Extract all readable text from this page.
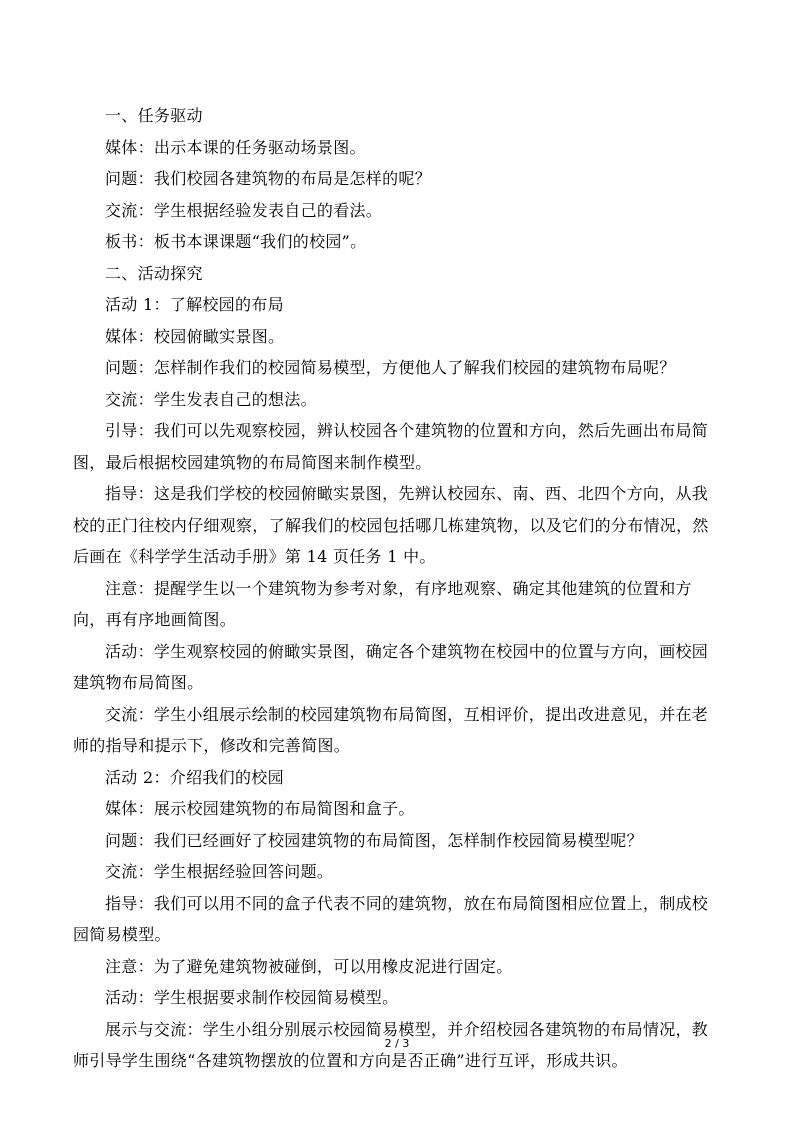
一、任务驱动

媒体：出示本课的任务驱动场景图。

问题：我们校园各建筑物的布局是怎样的呢？

交流：学生根据经验发表自己的看法。

板书：板书本课课题“我们的校园”。

二、活动探究

活动 1：了解校园的布局

媒体：校园俯瞰实景图。

问题：怎样制作我们的校园简易模型，方便他人了解我们校园的建筑物布局呢？

交流：学生发表自己的想法。

引导：我们可以先观察校园，辨认校园各个建筑物的位置和方向，然后先画出布局简图，最后根据校园建筑物的布局简图来制作模型。

指导：这是我们学校的校园俯瞰实景图，先辨认校园东、南、西、北四个方向，从我校的正门往校内仔细观察，了解我们的校园包括哪几栋建筑物，以及它们的分布情况，然后画在《科学学生活动手册》第 14 页任务 1 中。

注意：提醒学生以一个建筑物为参考对象，有序地观察、确定其他建筑的位置和方向，再有序地画简图。

活动：学生观察校园的俯瞰实景图，确定各个建筑物在校园中的位置与方向，画校园建筑物布局简图。

交流：学生小组展示绘制的校园建筑物布局简图，互相评价，提出改进意见，并在老师的指导和提示下，修改和完善简图。

活动 2：介绍我们的校园

媒体：展示校园建筑物的布局简图和盒子。

问题：我们已经画好了校园建筑物的布局简图，怎样制作校园简易模型呢？

交流：学生根据经验回答问题。

指导：我们可以用不同的盒子代表不同的建筑物，放在布局简图相应位置上，制成校园简易模型。

注意：为了避免建筑物被碰倒，可以用橡皮泥进行固定。

活动：学生根据要求制作校园简易模型。

展示与交流：学生小组分别展示校园简易模型，并介绍校园各建筑物的布局情况，教师引导学生围绕“各建筑物摆放的位置和方向是否正确”进行互评，形成共识。

2 / 3
